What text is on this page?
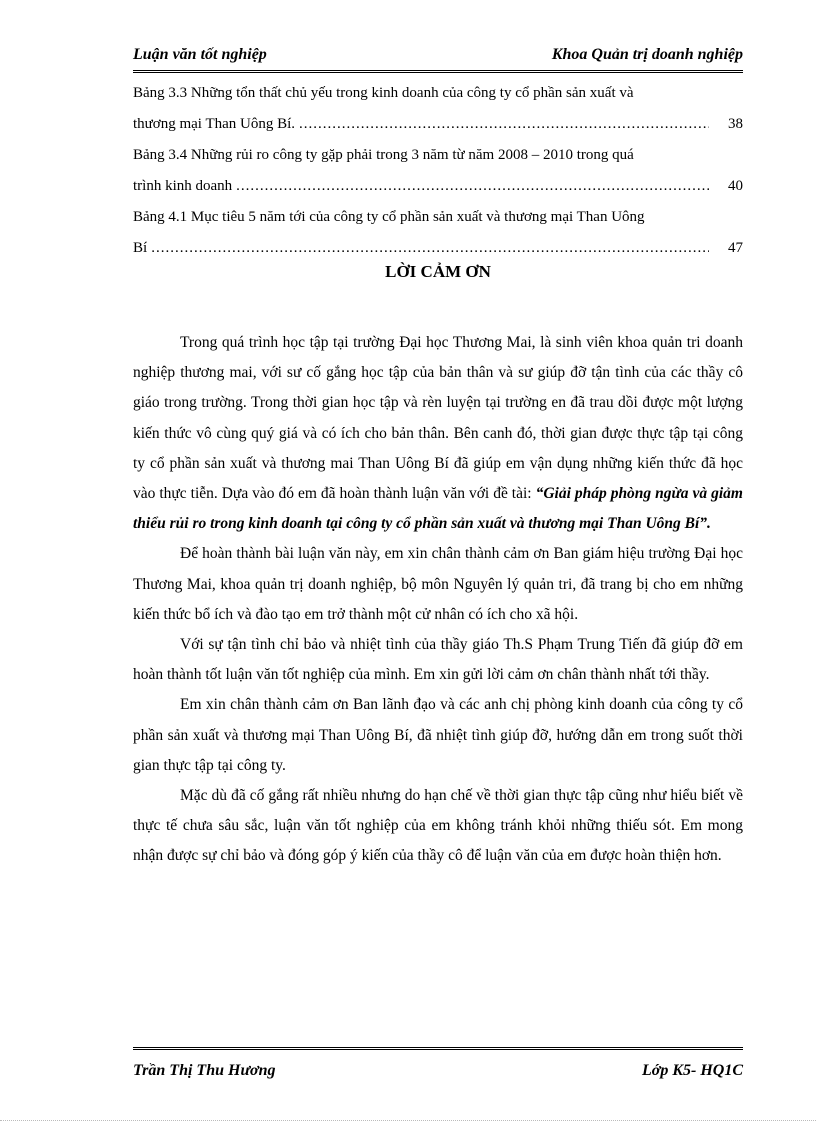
Luận văn tốt nghiệp	Khoa Quản trị doanh nghiệp
Bảng 3.3 Những tổn thất chủ yếu trong kinh doanh của công ty cổ phần sản xuất và
thương mại Than Uông Bí. .....	38
Bảng 3.4 Những rủi ro công ty gặp phải trong 3 năm từ năm 2008 – 2010 trong quá
trình kinh doanh .....	40
Bảng 4.1 Mục tiêu 5 năm tới của công ty cổ phần sản xuất và thương mại Than Uông
Bí .....	47
LỜI CẢM ƠN

Trong quá trình học tập tại trường Đại học Thương Mai, là sinh viên khoa quản tri doanh nghiệp thương mai, với sư cố gắng học tập của bản thân và sư giúp đỡ tận tình của các thầy cô giáo trong trường. Trong thời gian học tập và rèn luyện tại trường en đã trau dồi được một lượng kiến thức vô cùng quý giá và có ích cho bản thân. Bên canh đó, thời gian được thực tập tại công ty cổ phần sản xuất và thương mai Than Uông Bí đã giúp em vận dụng những kiến thức đã học vào thực tiễn. Dựa vào đó em đã hoàn thành luận văn với đề tài: “Giải pháp phòng ngừa và giảm thiểu rủi ro trong kinh doanh tại công ty cổ phần sản xuất và thương mại Than Uông Bí”.

Để hoàn thành bài luận văn này, em xin chân thành cảm ơn Ban giám hiệu trường Đại học Thương Mai, khoa quản trị doanh nghiệp, bộ môn Nguyên lý quản tri, đã trang bị cho em những kiến thức bổ ích và đào tạo em trở thành một cử nhân có ích cho xã hội.

Với sự tận tình chỉ bảo và nhiệt tình của thầy giáo Th.S Phạm Trung Tiến đã giúp đỡ em hoàn thành tốt luận văn tốt nghiệp của mình. Em xin gửi lời cảm ơn chân thành nhất tới thầy.

Em xin chân thành cảm ơn Ban lãnh đạo và các anh chị phòng kinh doanh của công ty cổ phần sản xuất và thương mại Than Uông Bí, đã nhiệt tình giúp đỡ, hướng dẫn em trong suốt thời gian thực tập tại công ty.

Mặc dù đã cố gắng rất nhiều nhưng do hạn chế về thời gian thực tập cũng như hiểu biết về thực tế chưa sâu sắc, luận văn tốt nghiệp của em không tránh khỏi những thiếu sót. Em mong nhận được sự chỉ bảo và đóng góp ý kiến của thầy cô để luận văn của em được hoàn thiện hơn.

Trần Thị Thu Hương	Lớp K5- HQ1C
